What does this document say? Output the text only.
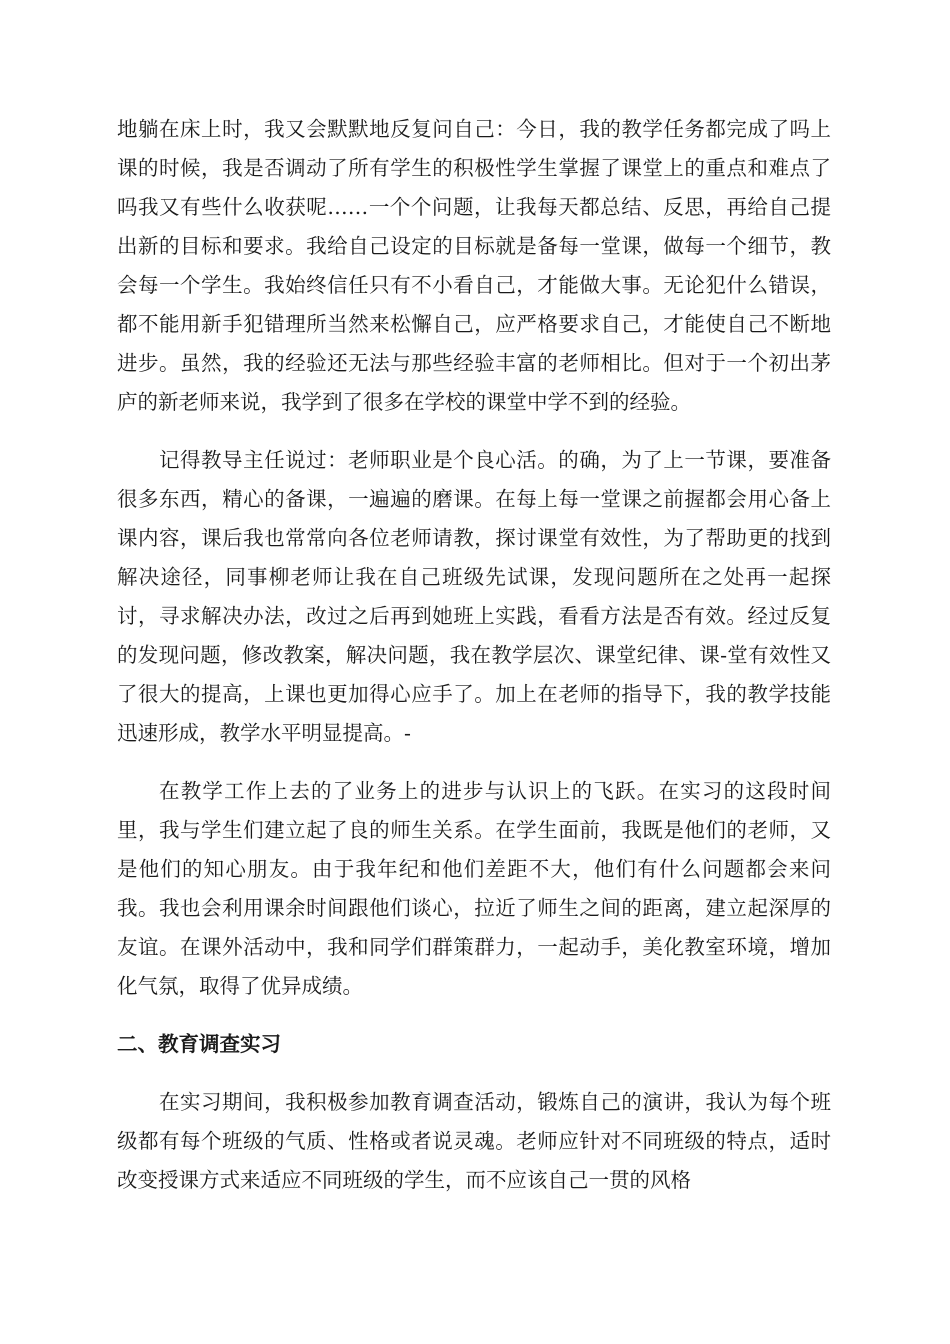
地躺在床上时，我又会默默地反复问自己：今日，我的教学任务都完成了吗上课的时候，我是否调动了所有学生的积极性学生掌握了课堂上的重点和难点了吗我又有些什么收获呢……一个个问题，让我每天都总结、反思，再给自己提出新的目标和要求。我给自己设定的目标就是备每一堂课，做每一个细节，教会每一个学生。我始终信任只有不小看自己，才能做大事。无论犯什么错误，都不能用新手犯错理所当然来松懈自己，应严格要求自己，才能使自己不断地进步。虽然，我的经验还无法与那些经验丰富的老师相比。但对于一个初出茅庐的新老师来说，我学到了很多在学校的课堂中学不到的经验。

记得教导主任说过：老师职业是个良心活。的确，为了上一节课，要准备很多东西，精心的备课，一遍遍的磨课。在每上每一堂课之前握都会用心备上课内容，课后我也常常向各位老师请教，探讨课堂有效性，为了帮助更的找到解决途径，同事柳老师让我在自己班级先试课，发现问题所在之处再一起探讨，寻求解决办法，改过之后再到她班上实践，看看方法是否有效。经过反复的发现问题，修改教案，解决问题，我在教学层次、课堂纪律、课-堂有效性又了很大的提高，上课也更加得心应手了。加上在老师的指导下，我的教学技能迅速形成，教学水平明显提高。-

在教学工作上去的了业务上的进步与认识上的飞跃。在实习的这段时间里，我与学生们建立起了良的师生关系。在学生面前，我既是他们的老师，又是他们的知心朋友。由于我年纪和他们差距不大，他们有什么问题都会来问我。我也会利用课余时间跟他们谈心，拉近了师生之间的距离，建立起深厚的友谊。在课外活动中，我和同学们群策群力，一起动手，美化教室环境，增加化气氛，取得了优异成绩。

二、教育调查实习

在实习期间，我积极参加教育调查活动，锻炼自己的演讲，我认为每个班级都有每个班级的气质、性格或者说灵魂。老师应针对不同班级的特点，适时改变授课方式来适应不同班级的学生，而不应该自己一贯的风格
